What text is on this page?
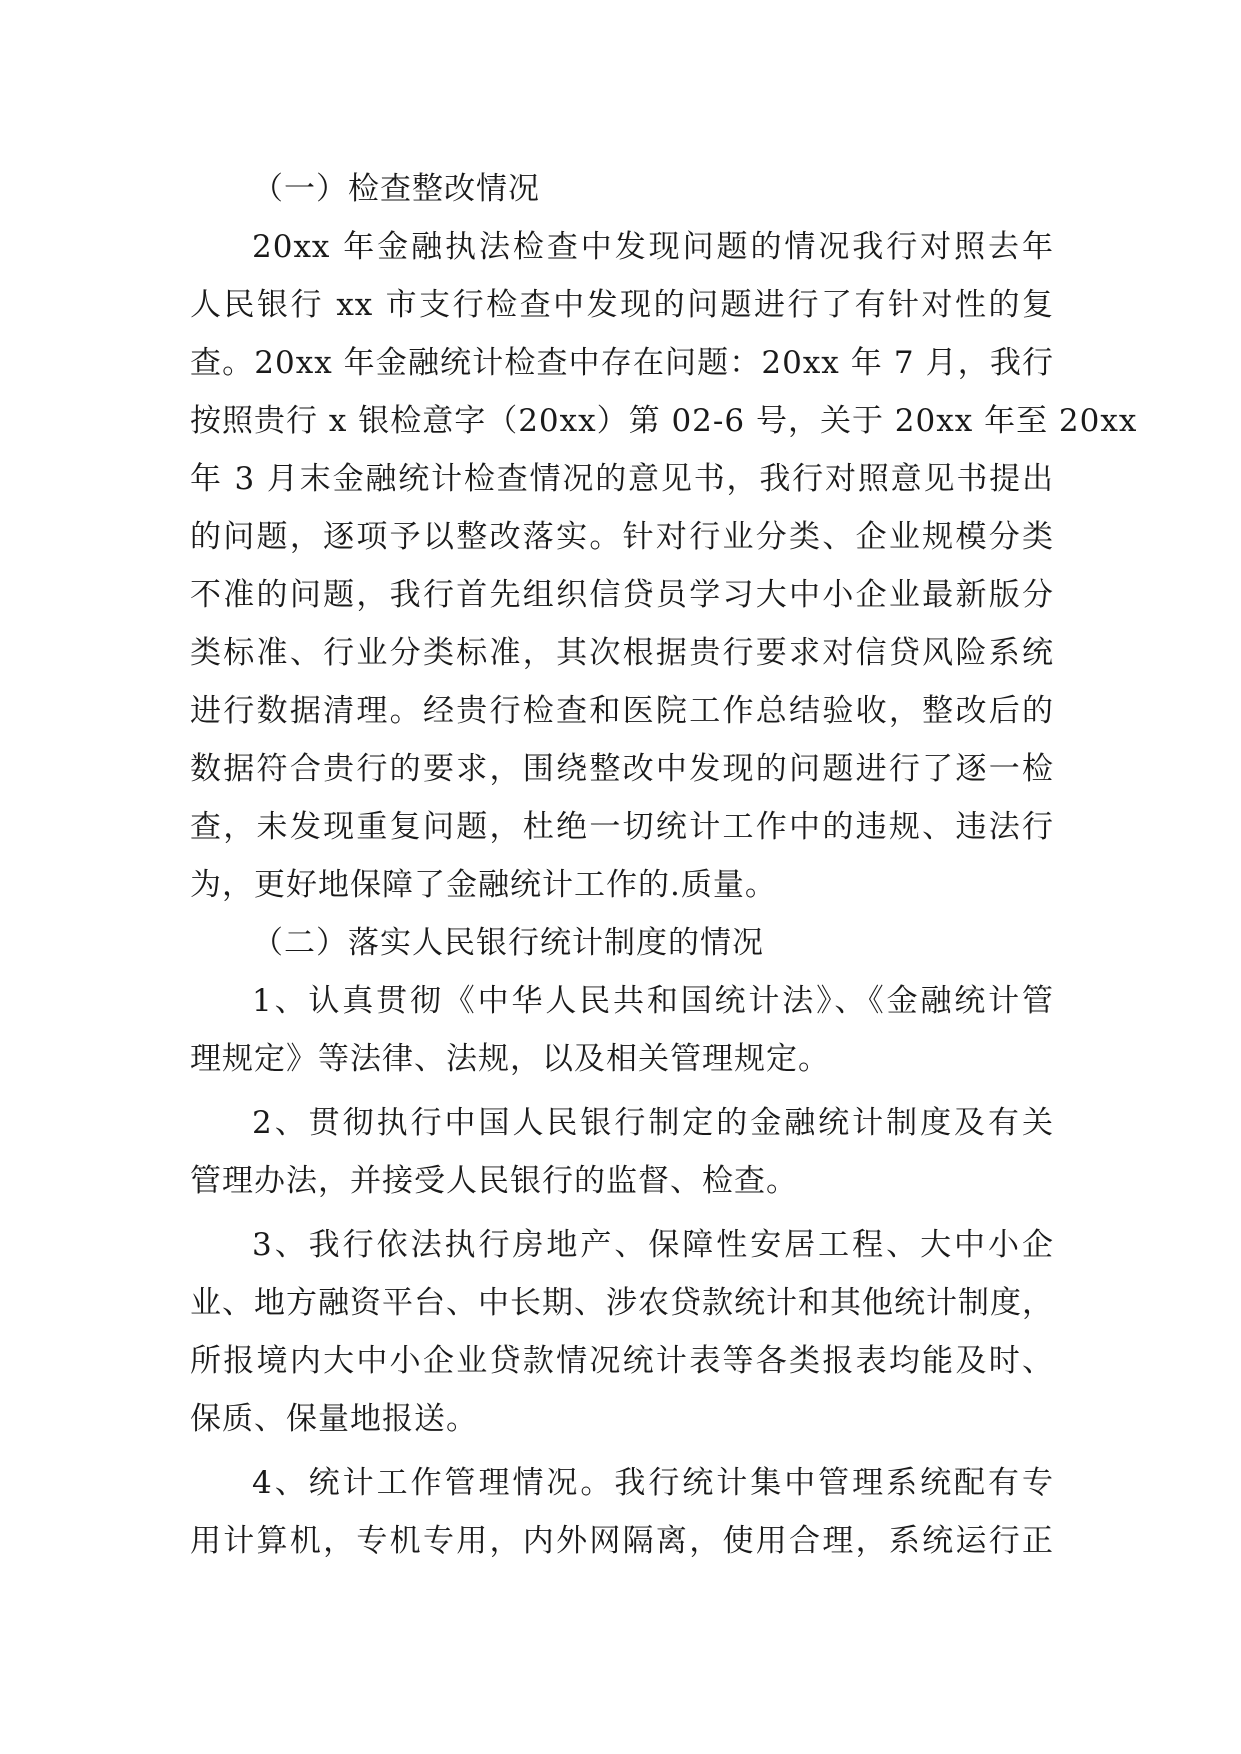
（一）检查整改情况
20xx 年金融执法检查中发现问题的情况我行对照去年
人民银行 xx 市支行检查中发现的问题进行了有针对性的复
查。20xx 年金融统计检查中存在问题：20xx 年 7 月，我行
按照贵行 x 银检意字（20xx）第 02-6 号，关于 20xx 年至 20xx
年 3 月末金融统计检查情况的意见书，我行对照意见书提出
的问题，逐项予以整改落实。针对行业分类、企业规模分类
不准的问题，我行首先组织信贷员学习大中小企业最新版分
类标准、行业分类标准，其次根据贵行要求对信贷风险系统
进行数据清理。经贵行检查和医院工作总结验收，整改后的
数据符合贵行的要求，围绕整改中发现的问题进行了逐一检
查，未发现重复问题，杜绝一切统计工作中的违规、违法行
为，更好地保障了金融统计工作的.质量。
（二）落实人民银行统计制度的情况
1、认真贯彻《中华人民共和国统计法》、《金融统计管
理规定》等法律、法规，以及相关管理规定。
2、贯彻执行中国人民银行制定的金融统计制度及有关
管理办法，并接受人民银行的监督、检查。
3、我行依法执行房地产、保障性安居工程、大中小企
业、地方融资平台、中长期、涉农贷款统计和其他统计制度，
所报境内大中小企业贷款情况统计表等各类报表均能及时、
保质、保量地报送。
4、统计工作管理情况。我行统计集中管理系统配有专
用计算机，专机专用，内外网隔离，使用合理，系统运行正
